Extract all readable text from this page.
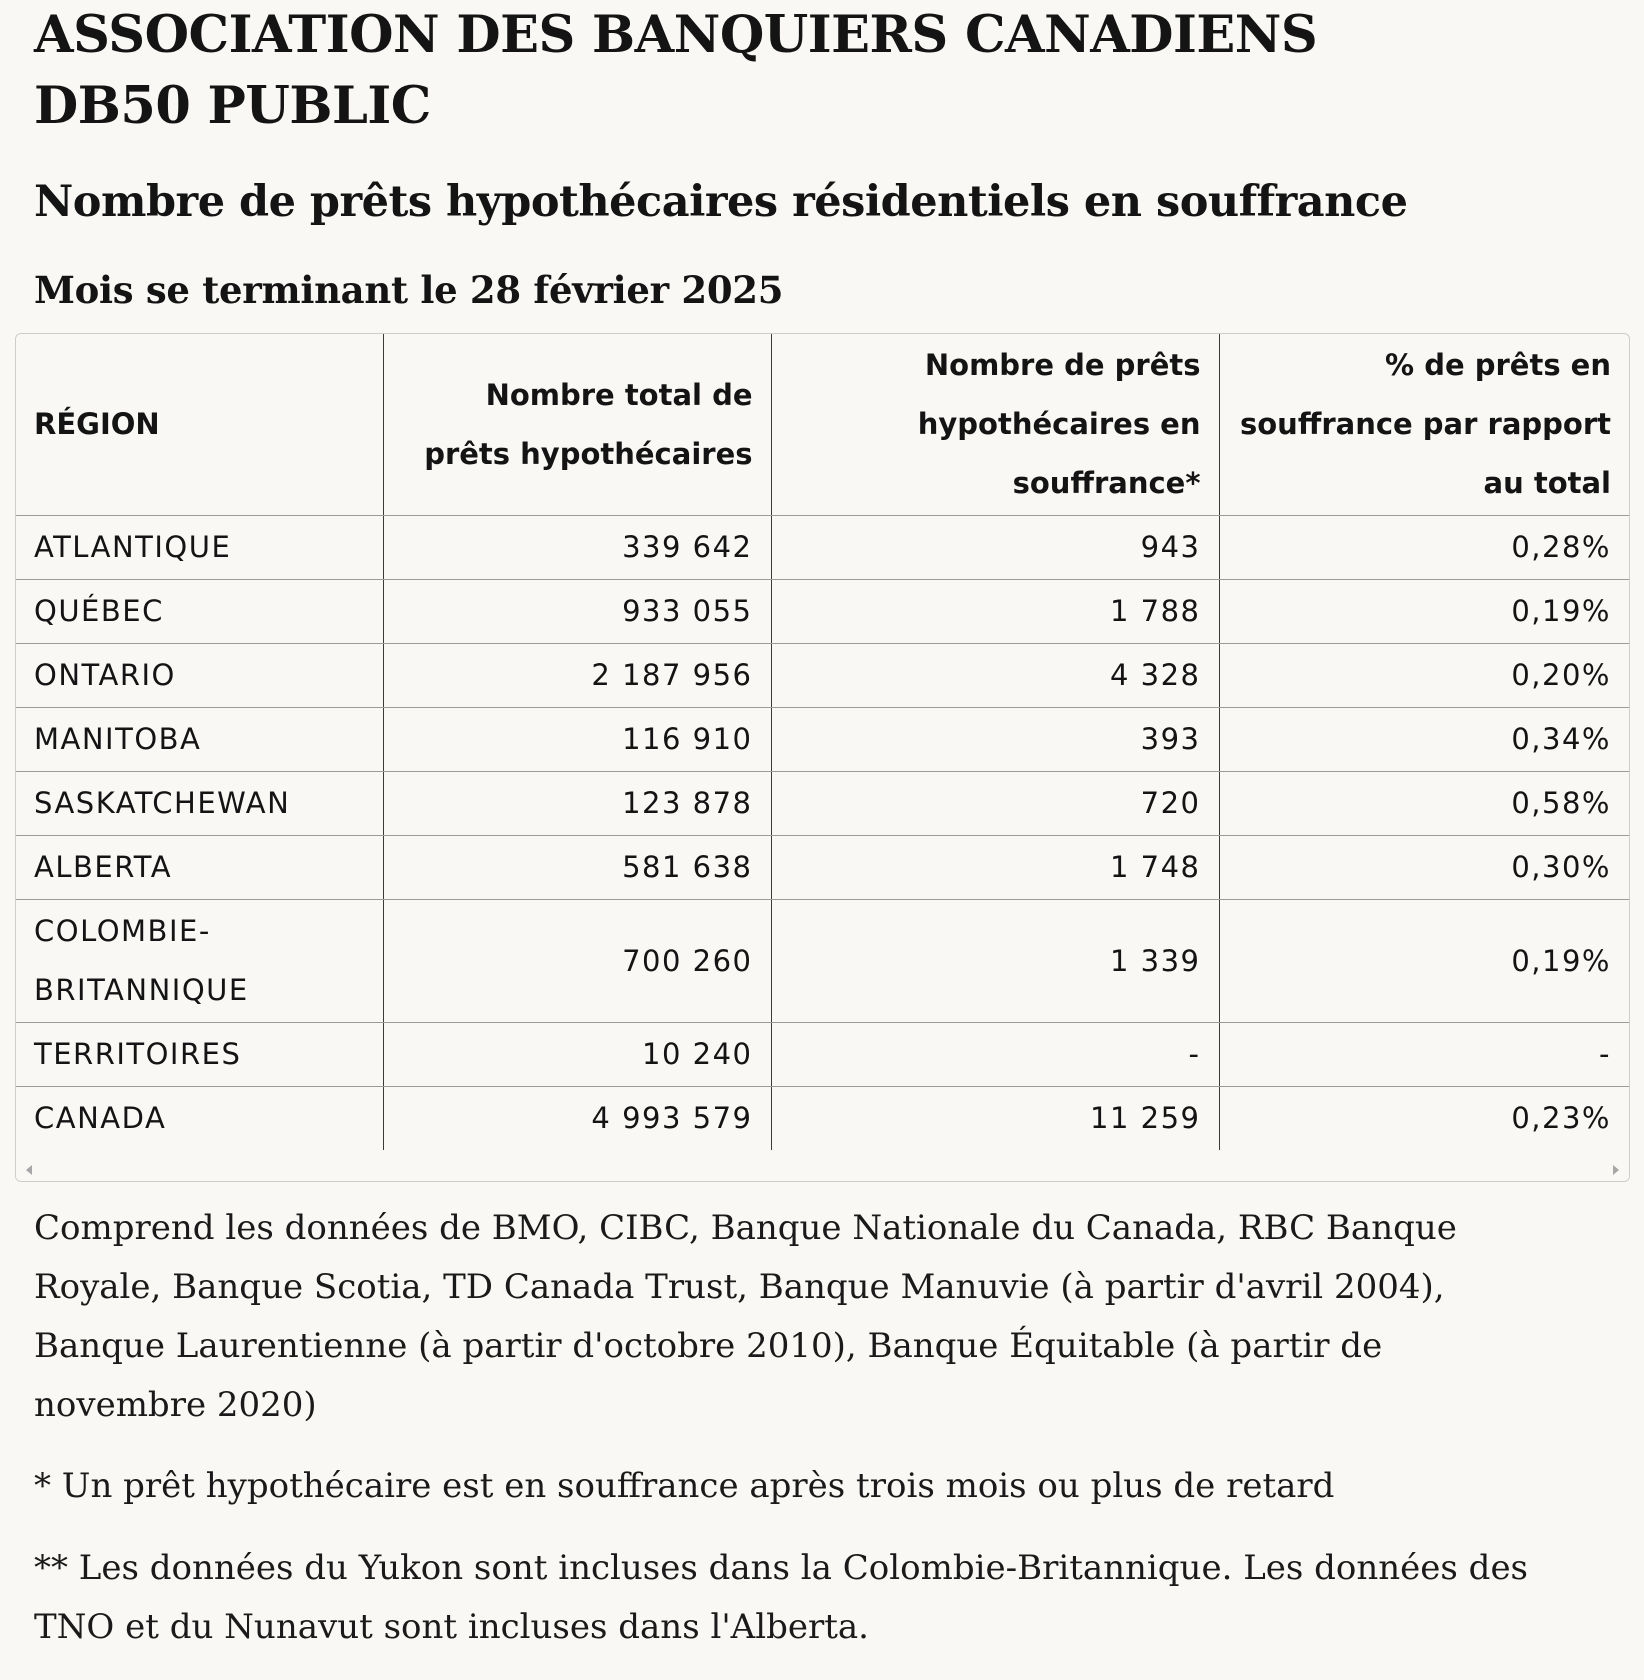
ASSOCIATION DES BANQUIERS CANADIENS DB50 PUBLIC
Nombre de prêts hypothécaires résidentiels en souffrance
Mois se terminant le 28 février 2025
RÉGION	Nombre total de prêts hypothécaires	Nombre de prêts hypothécaires en souffrance*	% de prêts en souffrance par rapport au total
ATLANTIQUE	339 642	943	0,28%
QUÉBEC	933 055	1 788	0,19%
ONTARIO	2 187 956	4 328	0,20%
MANITOBA	116 910	393	0,34%
SASKATCHEWAN	123 878	720	0,58%
ALBERTA	581 638	1 748	0,30%
COLOMBIE-BRITANNIQUE	700 260	1 339	0,19%
TERRITOIRES	10 240	-	-
CANADA	4 993 579	11 259	0,23%

Comprend les données de BMO, CIBC, Banque Nationale du Canada, RBC Banque Royale, Banque Scotia, TD Canada Trust, Banque Manuvie (à partir d'avril 2004), Banque Laurentienne (à partir d'octobre 2010), Banque Équitable (à partir de novembre 2020)

* Un prêt hypothécaire est en souffrance après trois mois ou plus de retard

** Les données du Yukon sont incluses dans la Colombie-Britannique. Les données des TNO et du Nunavut sont incluses dans l'Alberta.
